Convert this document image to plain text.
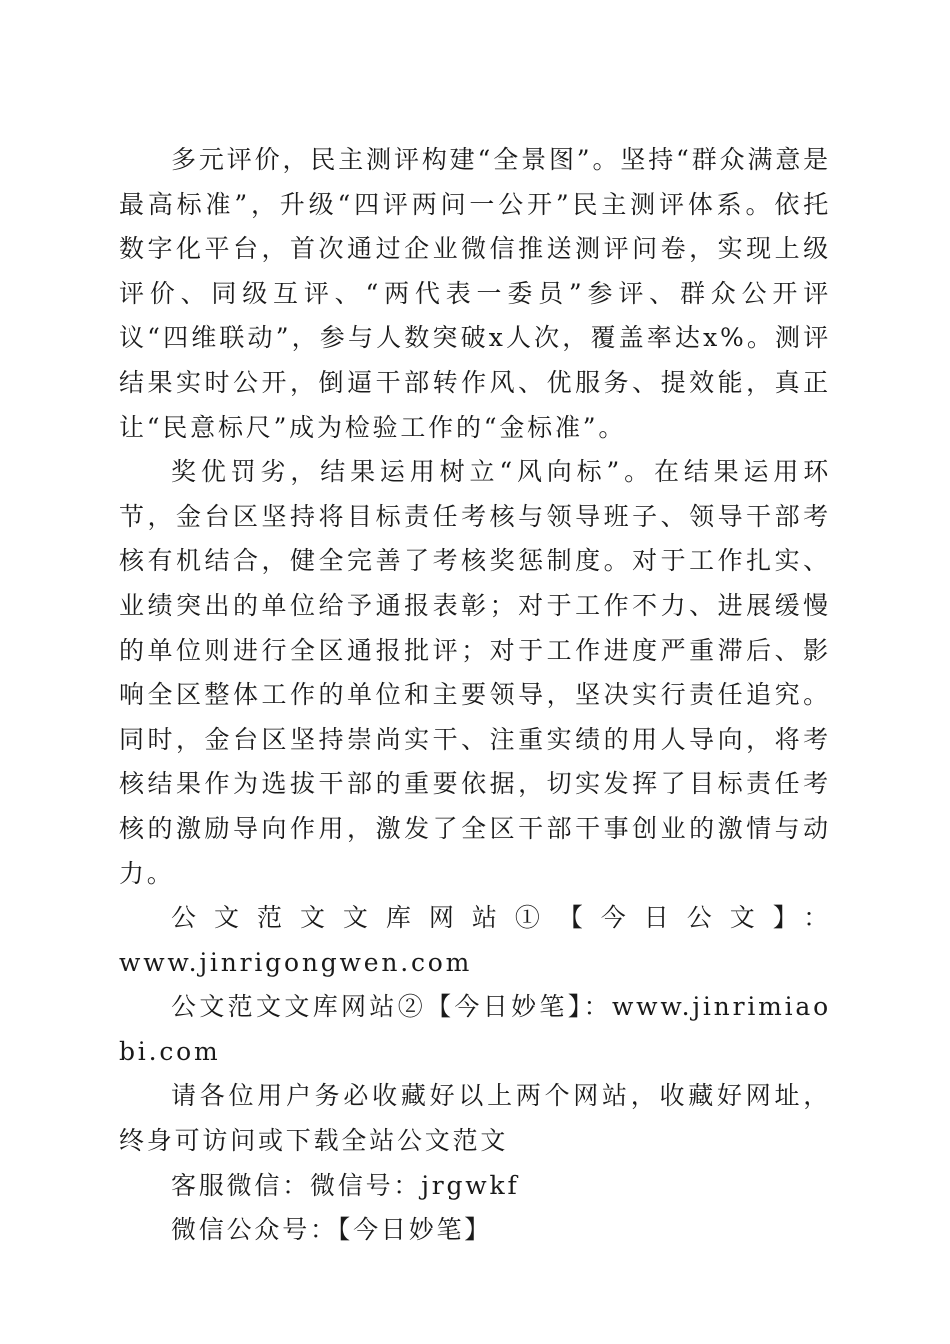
多元评价，民主测评构建“全景图”。坚持“群众满意是最高标准”，升级“四评两问一公开”民主测评体系。依托数字化平台，首次通过企业微信推送测评问卷，实现上级评价、同级互评、“两代表一委员”参评、群众公开评议“四维联动”，参与人数突破x人次，覆盖率达x%。测评结果实时公开，倒逼干部转作风、优服务、提效能，真正让“民意标尺”成为检验工作的“金标准”。

奖优罚劣，结果运用树立“风向标”。在结果运用环节，金台区坚持将目标责任考核与领导班子、领导干部考核有机结合，健全完善了考核奖惩制度。对于工作扎实、业绩突出的单位给予通报表彰；对于工作不力、进展缓慢的单位则进行全区通报批评；对于工作进度严重滞后、影响全区整体工作的单位和主要领导，坚决实行责任追究。同时，金台区坚持崇尚实干、注重实绩的用人导向，将考核结果作为选拔干部的重要依据，切实发挥了目标责任考核的激励导向作用，激发了全区干部干事创业的激情与动力。

公文范文文库网站①【今日公文】：

www.jinrigongwen.com

公文范文文库网站②【今日妙笔】：www.jinrimiaobi.com

请各位用户务必收藏好以上两个网站，收藏好网址，终身可访问或下载全站公文范文

客服微信：微信号：jrgwkf

微信公众号：【今日妙笔】
